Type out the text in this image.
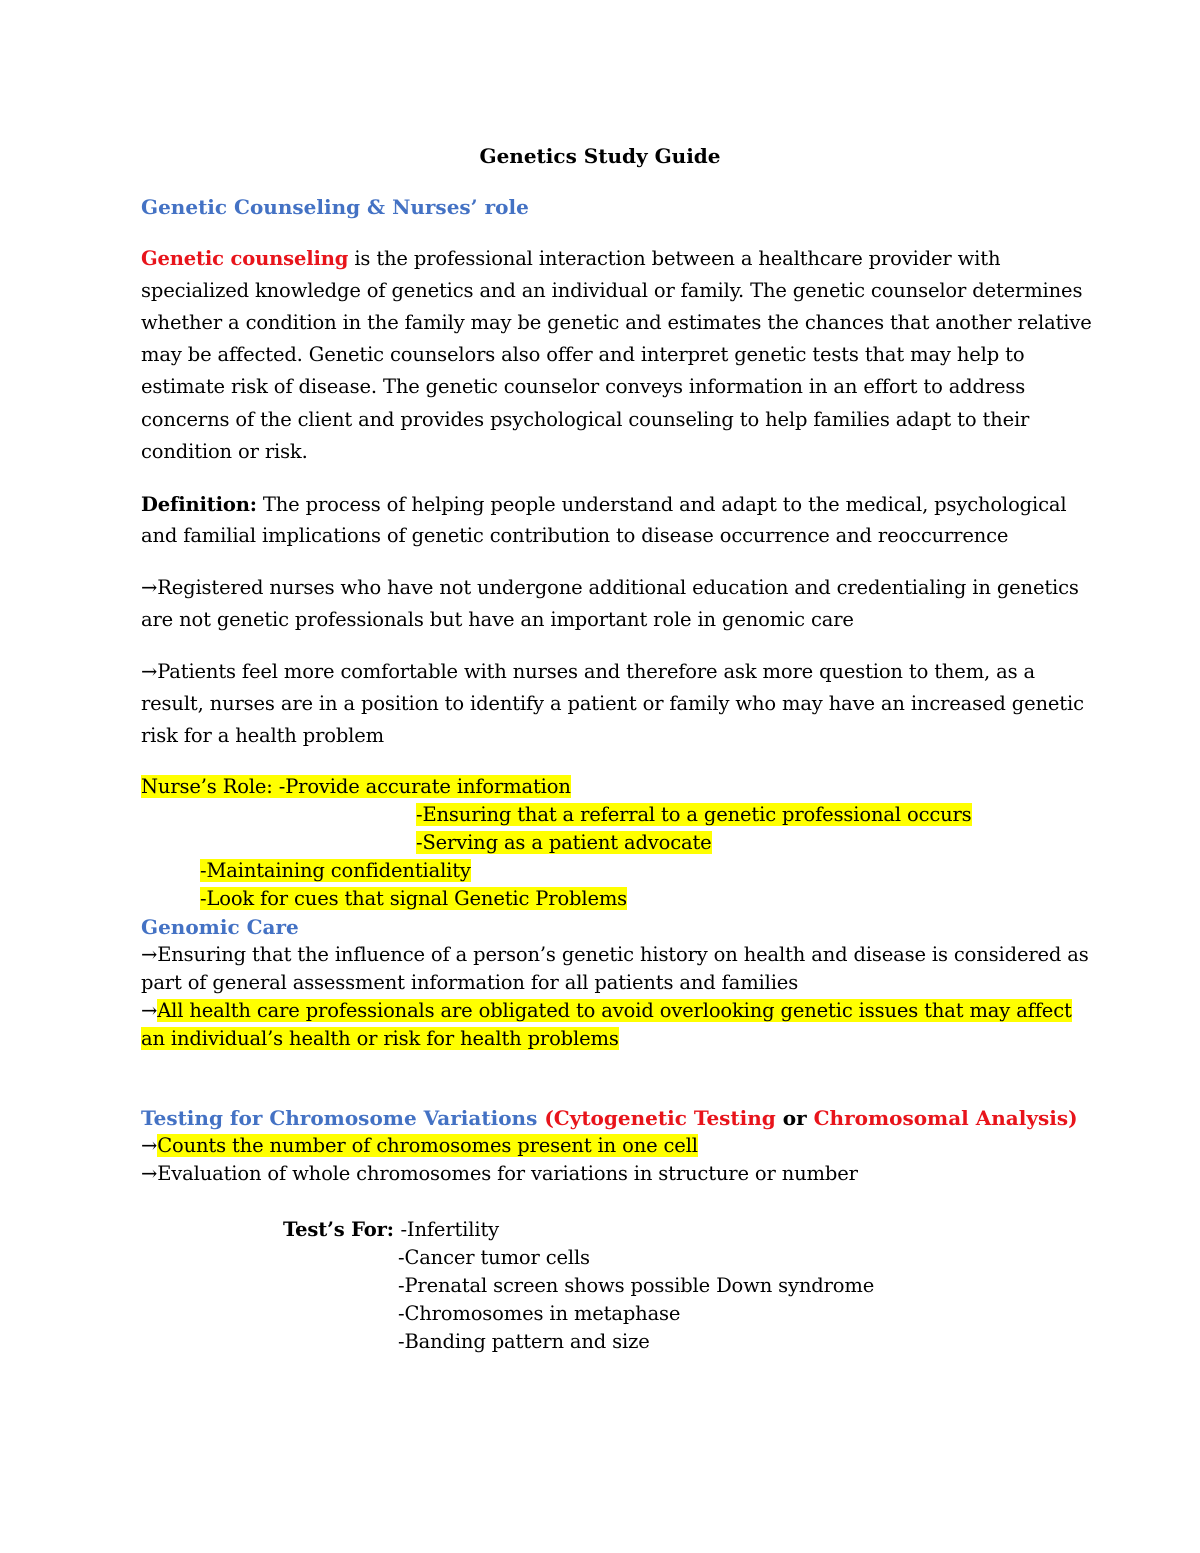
Genetics Study Guide
Genetic Counseling & Nurses’ role
Genetic counseling is the professional interaction between a healthcare provider with
specialized knowledge of genetics and an individual or family. The genetic counselor determines
whether a condition in the family may be genetic and estimates the chances that another relative
may be affected. Genetic counselors also offer and interpret genetic tests that may help to
estimate risk of disease. The genetic counselor conveys information in an effort to address
concerns of the client and provides psychological counseling to help families adapt to their
condition or risk.
Definition: The process of helping people understand and adapt to the medical, psychological
and familial implications of genetic contribution to disease occurrence and reoccurrence
→Registered nurses who have not undergone additional education and credentialing in genetics
are not genetic professionals but have an important role in genomic care
→Patients feel more comfortable with nurses and therefore ask more question to them, as a
result, nurses are in a position to identify a patient or family who may have an increased genetic
risk for a health problem
Nurse’s Role: -Provide accurate information
-Ensuring that a referral to a genetic professional occurs
-Serving as a patient advocate
-Maintaining confidentiality
-Look for cues that signal Genetic Problems
Genomic Care
→Ensuring that the influence of a person’s genetic history on health and disease is considered as
part of general assessment information for all patients and families
→All health care professionals are obligated to avoid overlooking genetic issues that may affect
an individual’s health or risk for health problems
Testing for Chromosome Variations (Cytogenetic Testing or Chromosomal Analysis)
→Counts the number of chromosomes present in one cell
→Evaluation of whole chromosomes for variations in structure or number
Test’s For: -Infertility
-Cancer tumor cells
-Prenatal screen shows possible Down syndrome
-Chromosomes in metaphase
-Banding pattern and size
